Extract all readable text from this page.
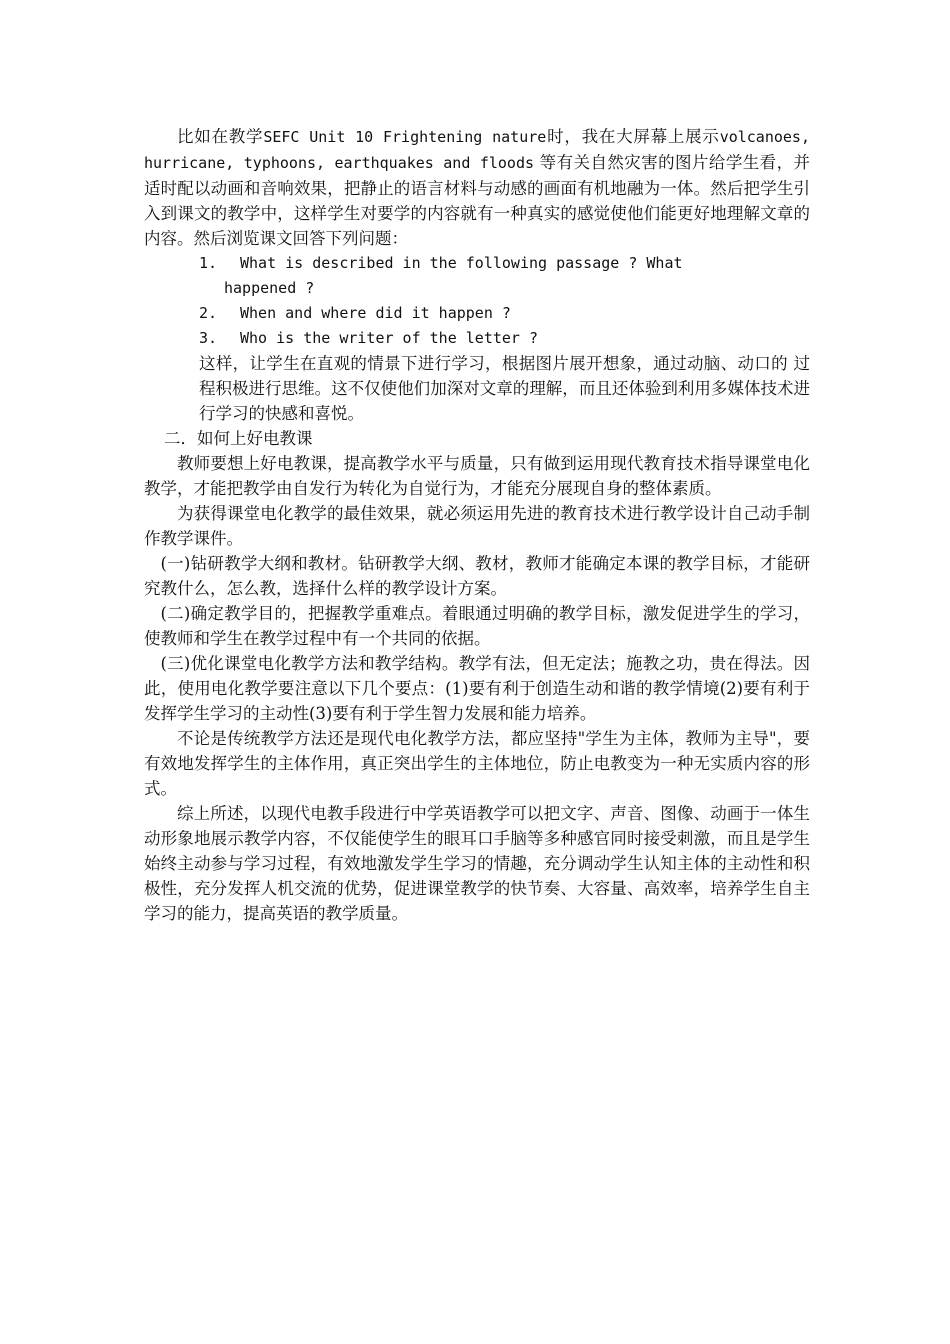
比如在教学SEFC Unit 10 Frightening nature时，我在大屏幕上展示volcanoes, hurricane, typhoons, earthquakes and floods 等有关自然灾害的图片给学生看，并适时配以动画和音响效果，把静止的语言材料与动感的画面有机地融为一体。然后把学生引入到课文的教学中，这样学生对要学的内容就有一种真实的感觉使他们能更好地理解文章的内容。然后浏览课文回答下列问题：

1. What is described in the following passage ? What
happened ?
2. When and where did it happen ?
3. Who is the writer of the letter ?

这样，让学生在直观的情景下进行学习，根据图片展开想象，通过动脑、动口的 过程积极进行思维。这不仅使他们加深对文章的理解，而且还体验到利用多媒体技术进行学习的快感和喜悦。

二．如何上好电教课

教师要想上好电教课，提高教学水平与质量，只有做到运用现代教育技术指导课堂电化教学，才能把教学由自发行为转化为自觉行为，才能充分展现自身的整体素质。

为获得课堂电化教学的最佳效果，就必须运用先进的教育技术进行教学设计自己动手制作教学课件。

(一)钻研教学大纲和教材。钻研教学大纲、教材，教师才能确定本课的教学目标，才能研究教什么，怎么教，选择什么样的教学设计方案。

(二)确定教学目的，把握教学重难点。着眼通过明确的教学目标，激发促进学生的学习，使教师和学生在教学过程中有一个共同的依据。

(三)优化课堂电化教学方法和教学结构。教学有法，但无定法；施教之功，贵在得法。因此，使用电化教学要注意以下几个要点：(1)要有利于创造生动和谐的教学情境(2)要有利于发挥学生学习的主动性(3)要有利于学生智力发展和能力培养。

不论是传统教学方法还是现代电化教学方法，都应坚持"学生为主体，教师为主导"，要有效地发挥学生的主体作用，真正突出学生的主体地位，防止电教变为一种无实质内容的形式。

综上所述，以现代电教手段进行中学英语教学可以把文字、声音、图像、动画于一体生动形象地展示教学内容，不仅能使学生的眼耳口手脑等多种感官同时接受刺激，而且是学生始终主动参与学习过程，有效地激发学生学习的情趣，充分调动学生认知主体的主动性和积极性，充分发挥人机交流的优势，促进课堂教学的快节奏、大容量、高效率，培养学生自主学习的能力，提高英语的教学质量。
